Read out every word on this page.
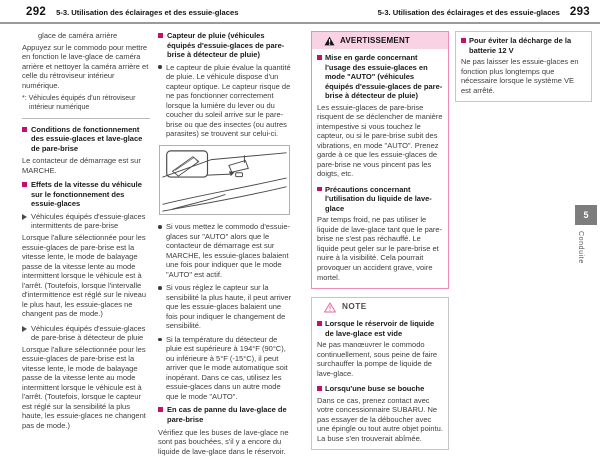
292 5-3. Utilisation des éclairages et des essuie-glaces	5-3. Utilisation des éclairages et des essuie-glaces 293
glace de caméra arrière
Appuyez sur le commodo pour mettre en fonction le lave-glace de caméra arrière et nettoyer la caméra arrière et celle du rétroviseur intérieur numérique.
*: Véhicules équipés d'un rétroviseur intérieur numérique
Conditions de fonctionnement des essuie-glaces et lave-glace de pare-brise
Le contacteur de démarrage est sur MARCHE.
Effets de la vitesse du véhicule sur le fonctionnement des essuie-glaces
Véhicules équipés d'essuie-glaces intermittents de pare-brise
Lorsque l'allure sélectionnée pour les essuie-glaces de pare-brise est la vitesse lente, le mode de balayage passe de la vitesse lente au mode intermittent lorsque le véhicule est à l'arrêt. (Toutefois, lorsque l'intervalle d'intermittence est réglé sur le niveau le plus haut, les essuie-glaces ne changent pas de mode.)
Véhicules équipés d'essuie-glaces de pare-brise à détecteur de pluie
Lorsque l'allure sélectionnée pour les essuie-glaces de pare-brise est la vitesse lente, le mode de balayage passe de la vitesse lente au mode intermittent lorsque le véhicule est à l'arrêt. (Toutefois, lorsque le capteur est réglé sur la sensibilité la plus haute, les essuie-glaces ne changent pas de mode.)
Capteur de pluie (véhicules équipés d'essuie-glaces de pare-brise à détecteur de pluie)
Le capteur de pluie évalue la quantité de pluie. Le véhicule dispose d'un capteur optique. Le capteur risque de ne pas fonctionner correctement lorsque la lumière du lever ou du coucher du soleil arrive sur le pare-brise ou que des insectes (ou autres parasites) se trouvent sur celui-ci.
Si vous mettez le commodo d'essuie-glaces sur "AUTO" alors que le contacteur de démarrage est sur MARCHE, les essuie-glaces balaient une fois pour indiquer que le mode "AUTO" est actif.
Si vous réglez le capteur sur la sensibilité la plus haute, il peut arriver que les essuie-glaces balaient une fois pour indiquer le changement de sensibilité.
Si la température du détecteur de pluie est supérieure à 194°F (90°C), ou inférieure à 5°F (-15°C), il peut arriver que le mode automatique soit inopérant. Dans ce cas, utilisez les essuie-glaces dans un autre mode que le mode "AUTO".
En cas de panne du lave-glace de pare-brise
Vérifiez que les buses de lave-glace ne sont pas bouchées, s'il y a encore du liquide de lave-glace dans le réservoir.
AVERTISSEMENT
Mise en garde concernant l'usage des essuie-glaces en mode "AUTO" (véhicules équipés d'essuie-glaces de pare-brise à détecteur de pluie)
Les essuie-glaces de pare-brise risquent de se déclencher de manière intempestive si vous touchez le capteur, ou si le pare-brise subit des vibrations, en mode "AUTO". Prenez garde à ce que les essuie-glaces de pare-brise ne vous pincent pas les doigts, etc.
Précautions concernant l'utilisation du liquide de lave-glace
Par temps froid, ne pas utiliser le liquide de lave-glace tant que le pare-brise ne s'est pas réchauffé. Le liquide peut geler sur le pare-brise et nuire à la visibilité. Cela pourrait provoquer un accident grave, voire mortel.
NOTE
Lorsque le réservoir de liquide de lave-glace est vide
Ne pas manœuvrer le commodo continuellement, sous peine de faire surchauffer la pompe de liquide de lave-glace.
Lorsqu'une buse se bouche
Dans ce cas, prenez contact avec votre concessionnaire SUBARU. Ne pas essayer de la déboucher avec une épingle ou tout autre objet pointu. La buse s'en trouverait abîmée.
Pour éviter la décharge de la batterie 12 V
Ne pas laisser les essuie-glaces en fonction plus longtemps que nécessaire lorsque le système VE est arrêté.
5
Conduite
